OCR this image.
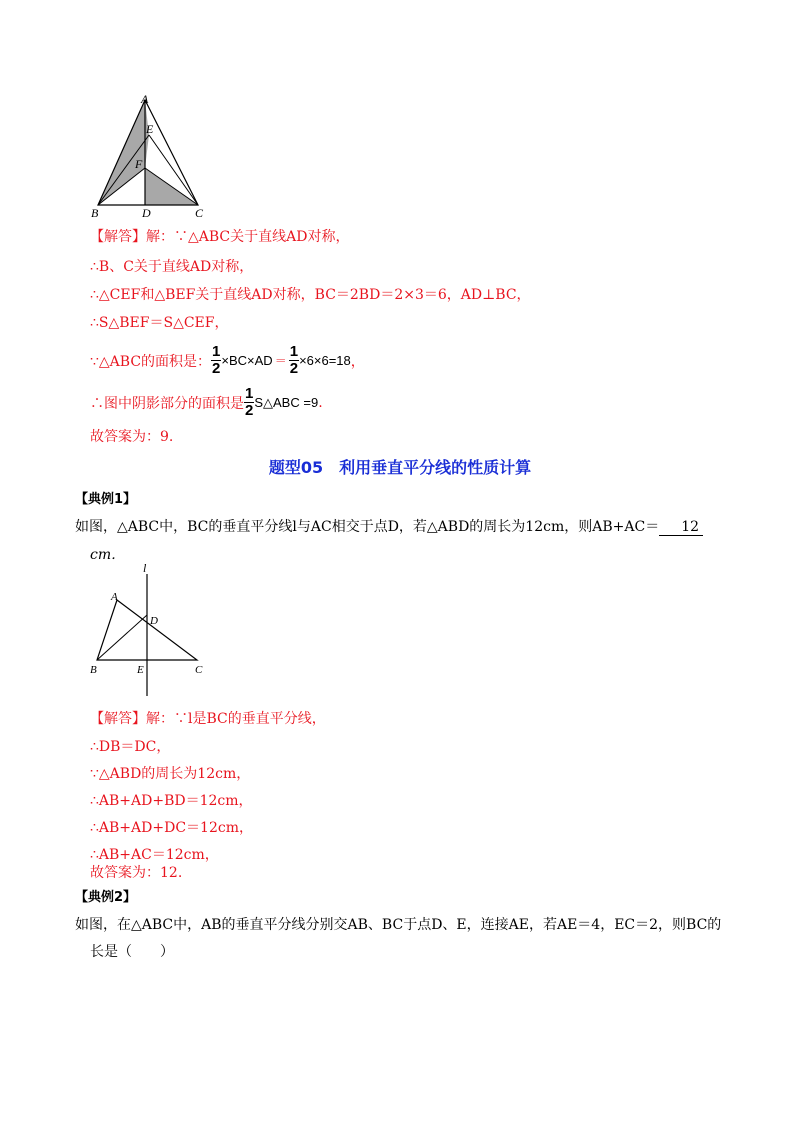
A
E
F
B	D	C
【解答】解：∵△ABC关于直线AD对称，
∴B、C关于直线AD对称，
∴△CEF和△BEF关于直线AD对称，BC＝2BD＝2×3＝6，AD⊥BC，
∴S△BEF＝S△CEF，
∵△ABC的面积是： $\frac{1}{2} \times BC\times AD = \frac{1}{2} \times 6\times 6=18$ ，
∴图中阴影部分的面积是 $\frac{1}{2}$ S△ABC =9 .
故答案为：9.
题型05　利用垂直平分线的性质计算
【典例1】
如图，△ABC中，BC的垂直平分线l与AC相交于点D，若△ABD的周长为12cm，则AB+AC＝ 12
cm．
l
A
D
B	E	C
【解答】解：∵l是BC的垂直平分线，
∴DB＝DC，
∵△ABD的周长为12cm，
∴AB+AD+BD＝12cm，
∴AB+AD+DC＝12cm，
∴AB+AC＝12cm，
故答案为：12.
【典例2】
如图，在△ABC中，AB的垂直平分线分别交AB、BC于点D、E，连接AE，若AE＝4，EC＝2，则BC的
长是（　　）
